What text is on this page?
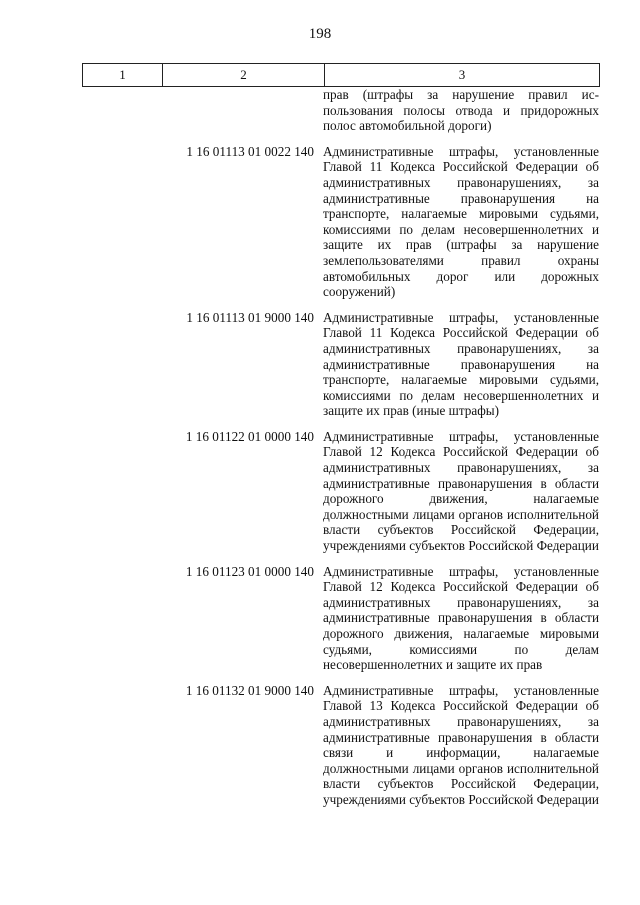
198
1	2	3
прав (штрафы за нарушение правил использования полосы отвода и придорожных полос автомобильной дороги)
1 16 01113 01 0022 140 Административные штрафы, установленные Главой 11 Кодекса Российской Федерации об административных правонарушениях, за административные правонарушения на транспорте, налагаемые мировыми судьями, комиссиями по делам несовершеннолетних и защите их прав (штрафы за нарушение землепользователями правил охраны автомобильных дорог или дорожных сооружений)
1 16 01113 01 9000 140 Административные штрафы, установленные Главой 11 Кодекса Российской Федерации об административных правонарушениях, за административные правонарушения на транспорте, налагаемые мировыми судьями, комиссиями по делам несовершеннолетних и защите их прав (иные штрафы)
1 16 01122 01 0000 140 Административные штрафы, установленные Главой 12 Кодекса Российской Федерации об административных правонарушениях, за административные правонарушения в области дорожного движения, налагаемые должностными лицами органов исполнительной власти субъектов Российской Федерации, учреждениями субъектов Российской Федерации
1 16 01123 01 0000 140 Административные штрафы, установленные Главой 12 Кодекса Российской Федерации об административных правонарушениях, за административные правонарушения в области дорожного движения, налагаемые мировыми судьями, комиссиями по делам несовершеннолетних и защите их прав
1 16 01132 01 9000 140 Административные штрафы, установленные Главой 13 Кодекса Российской Федерации об административных правонарушениях, за административные правонарушения в области связи и информации, налагаемые должностными лицами органов исполнительной власти субъектов Российской Федерации, учреждениями субъектов Российской Федерации
